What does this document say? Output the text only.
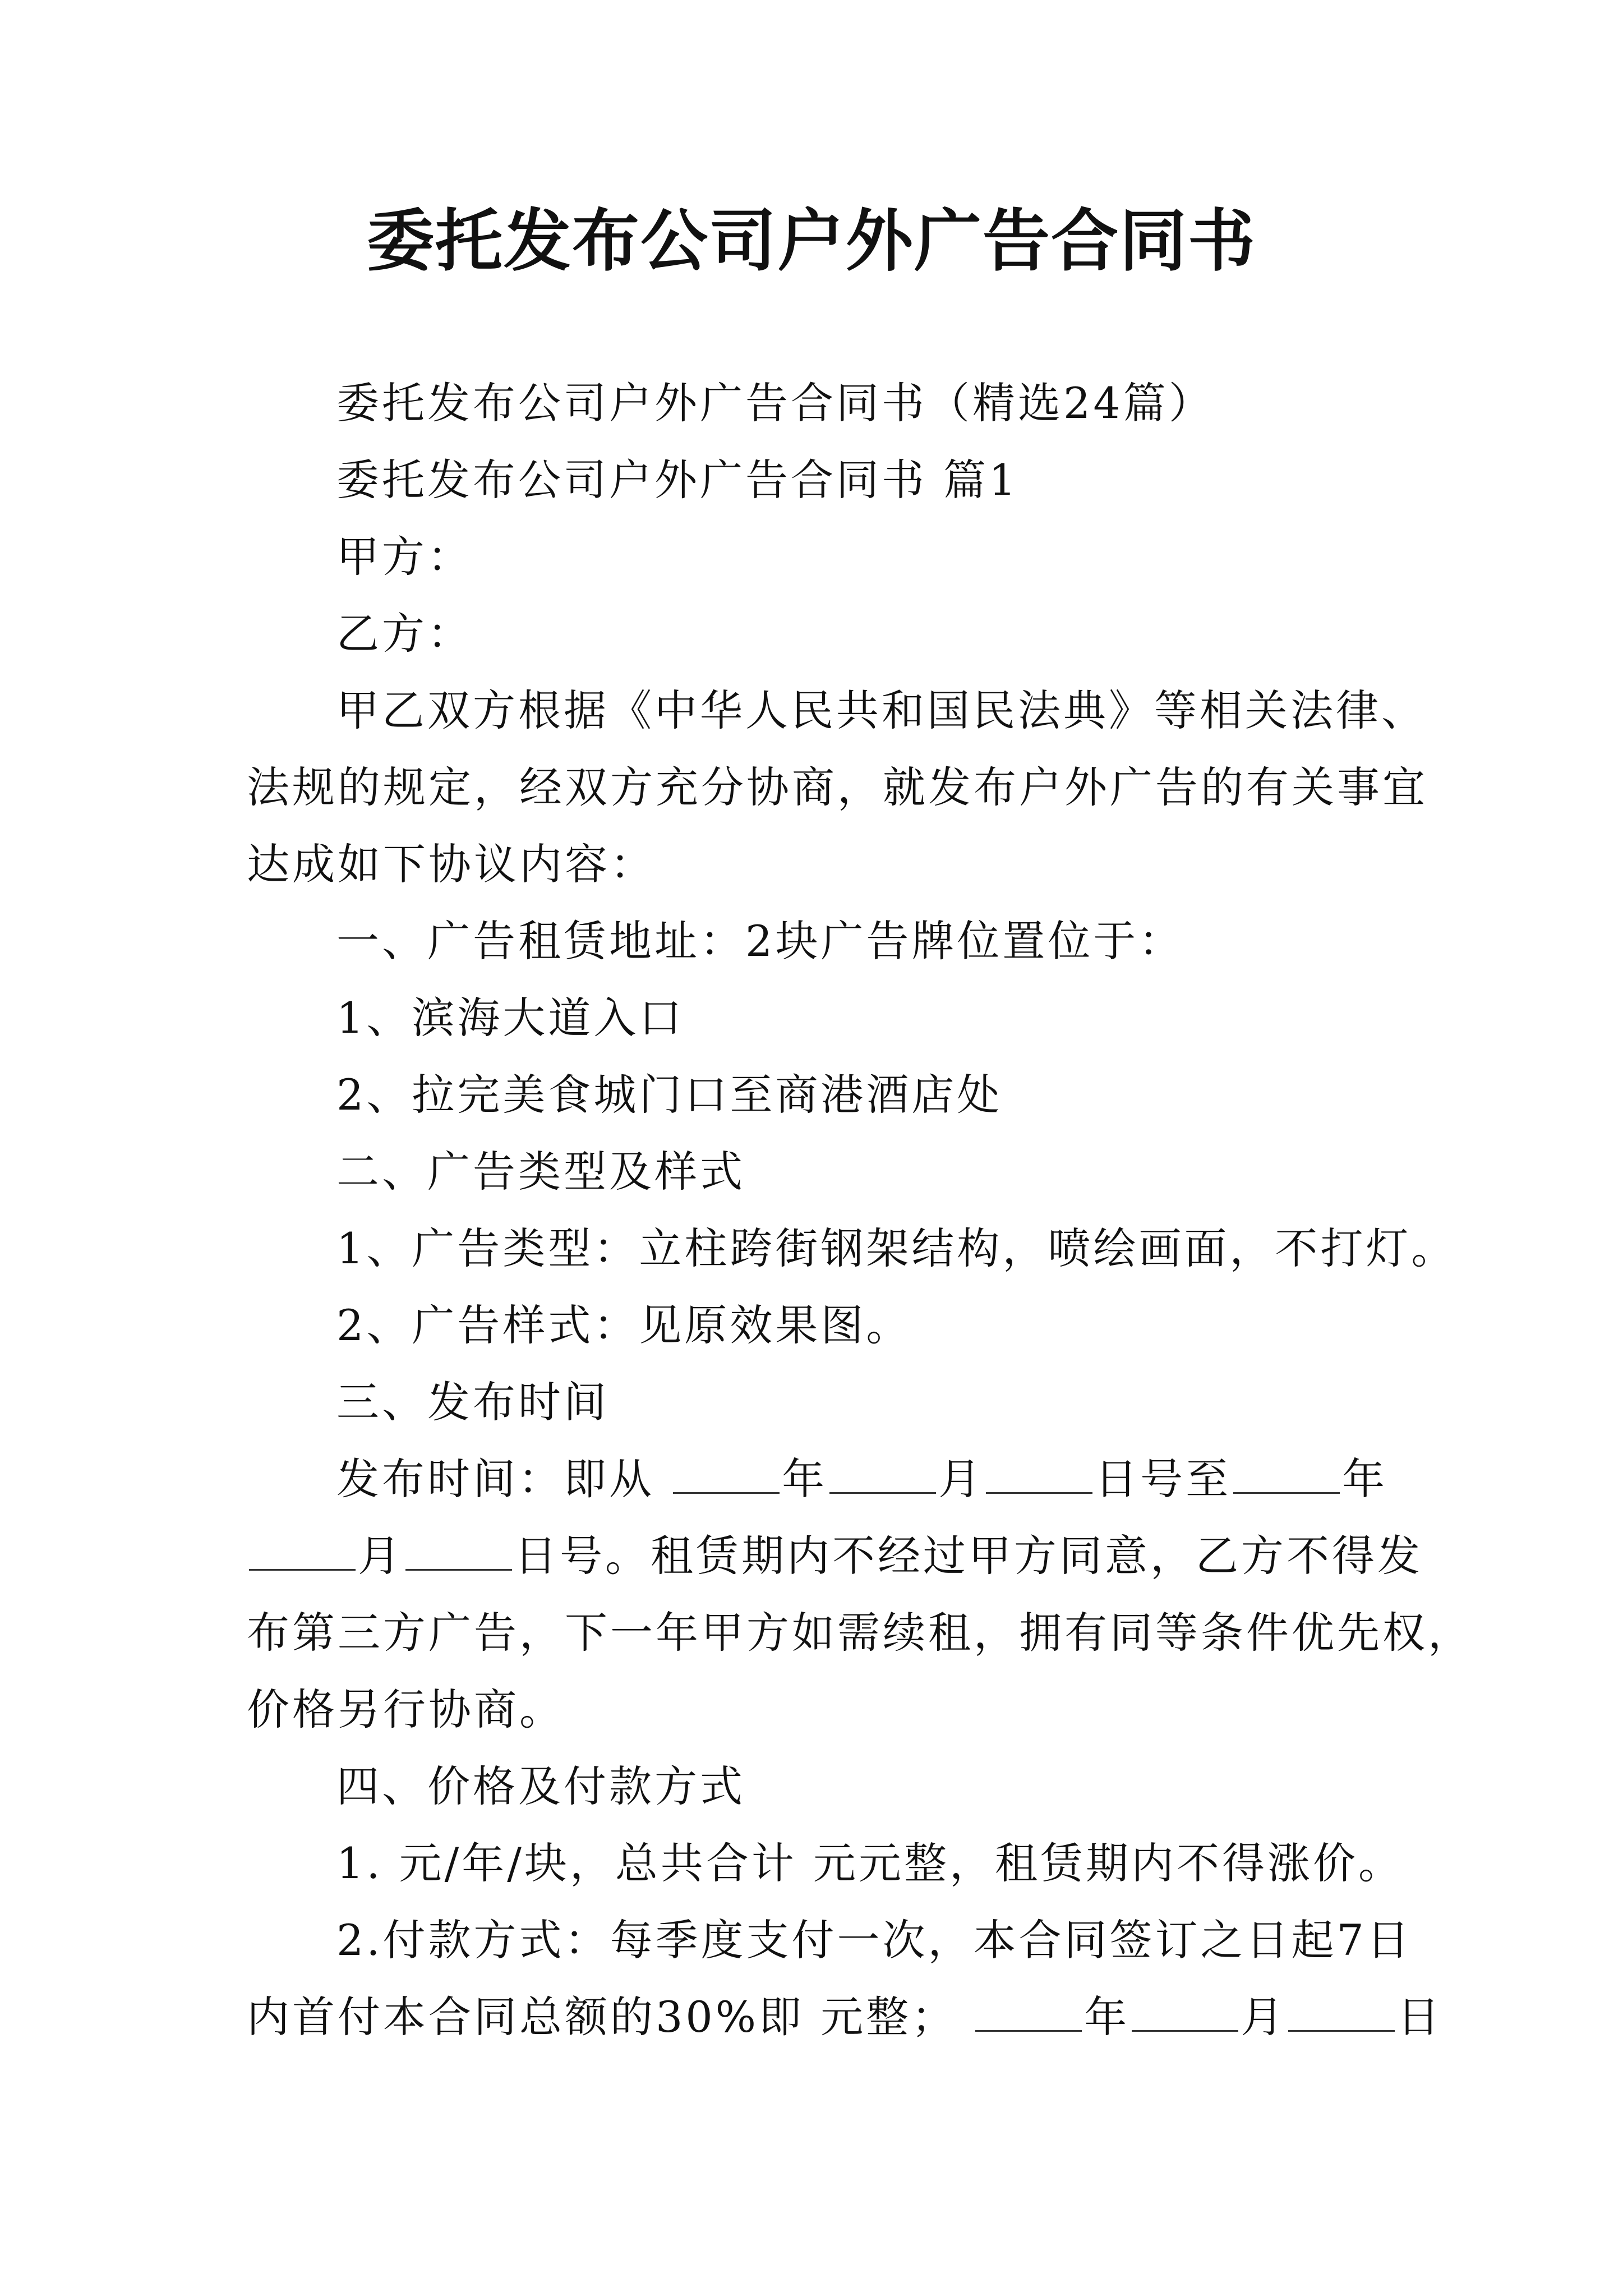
委托发布公司户外广告合同书
委托发布公司户外广告合同书（精选24篇）
委托发布公司户外广告合同书 篇1
甲方：
乙方：
甲乙双方根据《中华人民共和国民法典》等相关法律、
法规的规定，经双方充分协商，就发布户外广告的有关事宜
达成如下协议内容：
一、广告租赁地址：2块广告牌位置位于：
1、滨海大道入口
2、拉完美食城门口至商港酒店处
二、广告类型及样式
1、广告类型：立柱跨街钢架结构，喷绘画面，不打灯。
2、广告样式：见原效果图。
三、发布时间
发布时间：即从	年	月	日号至	年
月	日号。租赁期内不经过甲方同意，乙方不得发
布第三方广告，下一年甲方如需续租，拥有同等条件优先权，
价格另行协商。
四、价格及付款方式
1. 元/年/块，总共合计 元元整，租赁期内不得涨价。
2.付款方式：每季度支付一次，本合同签订之日起7日
内首付本合同总额的30%即 元整；	年	月	日
